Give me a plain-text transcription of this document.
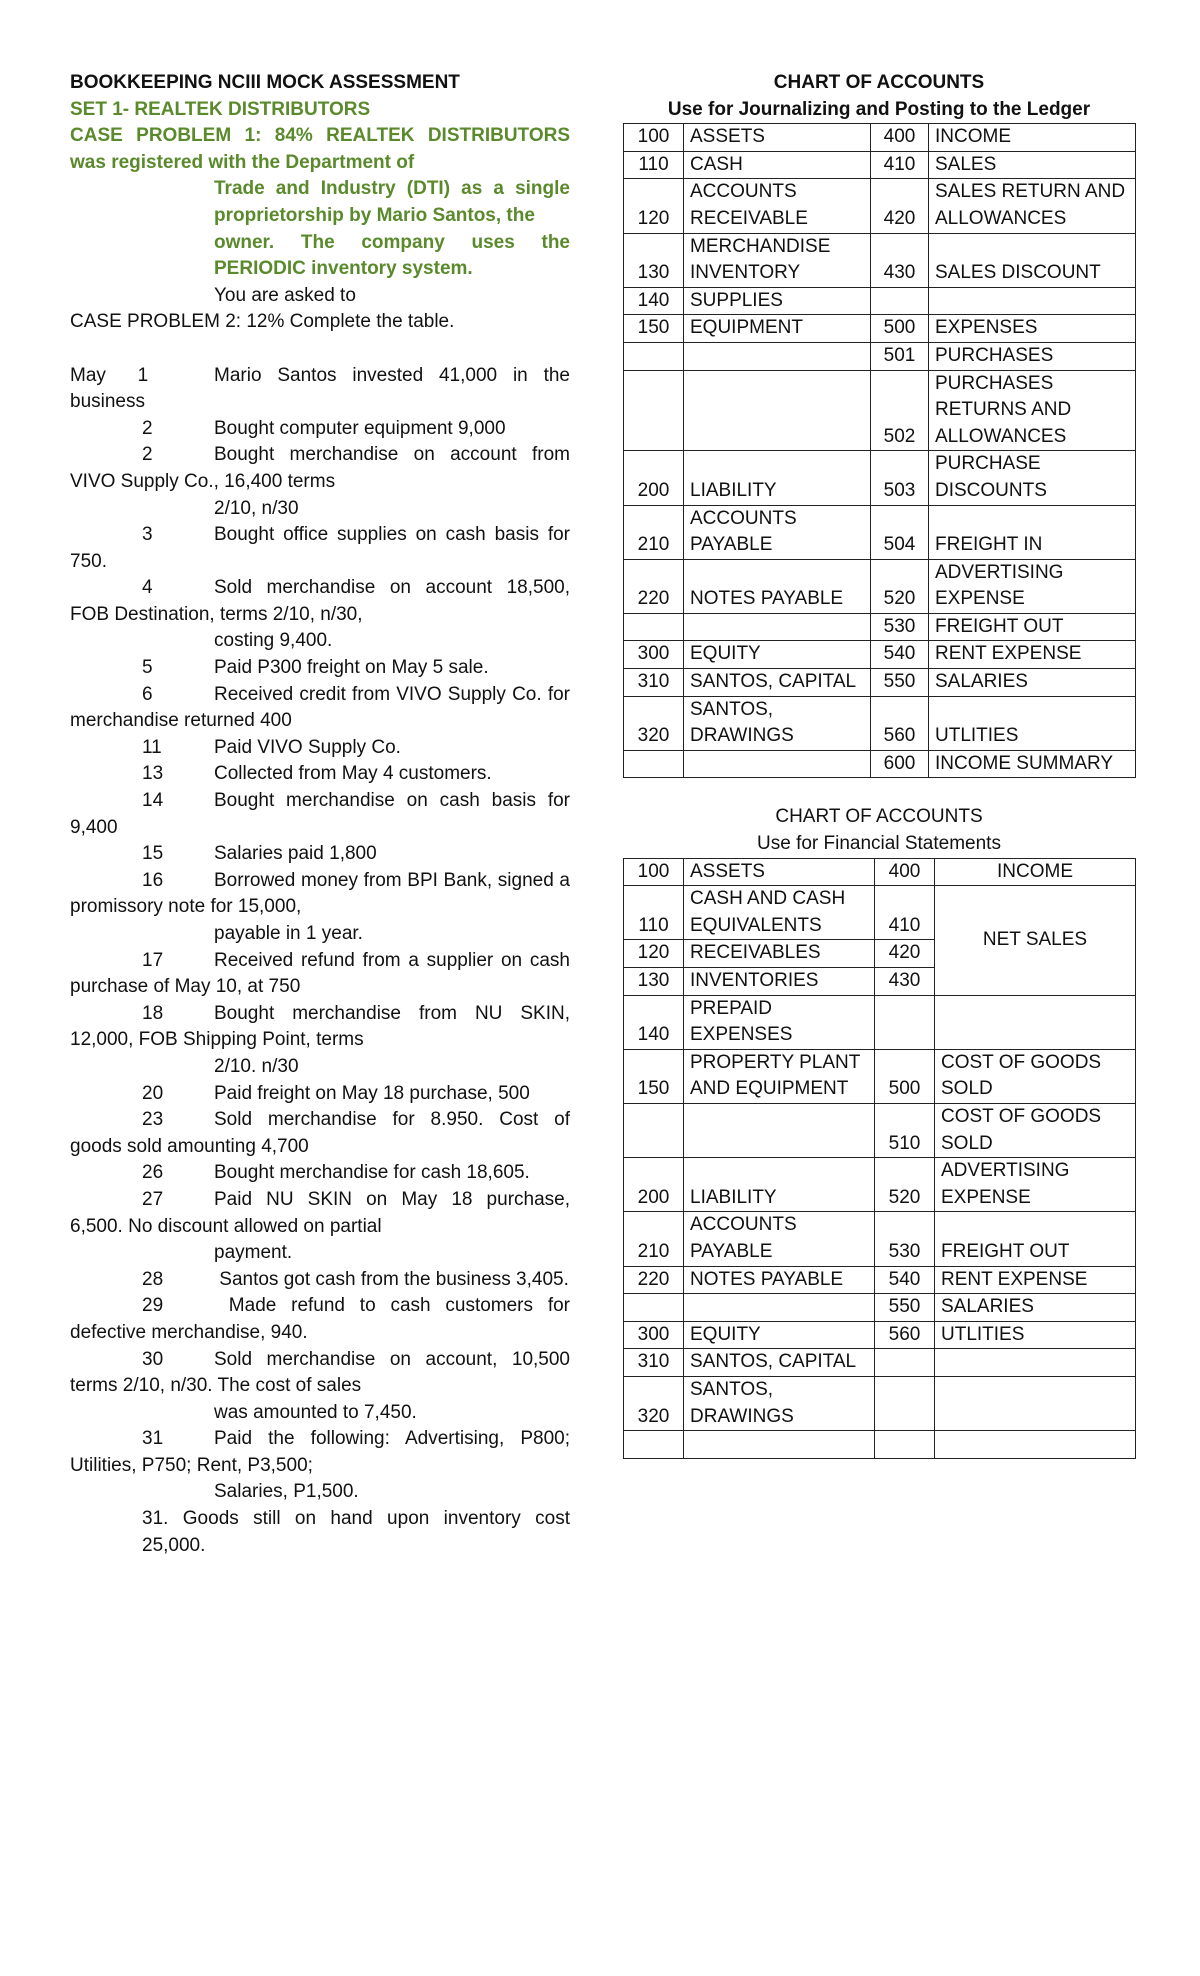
BOOKKEEPING NCIII MOCK ASSESSMENT

SET 1- REALTEK DISTRIBUTORS

CASE PROBLEM 1: 84% REALTEK DISTRIBUTORS was registered with the Department of

Trade and Industry (DTI) as a single proprietorship by Mario Santos, the

owner. The company uses the PERIODIC inventory system.

You are asked to

CASE PROBLEM 2: 12% Complete the table.

May      1	Mario Santos invested 41,000 in the business

2	Bought computer equipment 9,000

2	Bought merchandise on account from VIVO Supply Co., 16,400 terms

2/10, n/30

3	Bought office supplies on cash basis for 750.

4	Sold merchandise on account 18,500, FOB Destination, terms 2/10, n/30,

costing 9,400.

5	Paid P300 freight on May 5 sale.

6	Received credit from VIVO Supply Co. for merchandise returned 400

11	Paid VIVO Supply Co.

13	Collected from May 4 customers.

14	Bought merchandise on cash basis for 9,400

15	Salaries paid 1,800

16	Borrowed money from BPI Bank, signed a promissory note for 15,000,

payable in 1 year.

17	Received refund from a supplier on cash purchase of May 10, at 750

18	Bought merchandise from NU SKIN, 12,000, FOB Shipping Point, terms

2/10. n/30

20	Paid freight on May 18 purchase, 500

23	Sold merchandise for 8.950. Cost of goods sold amounting 4,700

26	Bought merchandise for cash 18,605.

27	Paid NU SKIN on May 18 purchase, 6,500. No discount allowed on partial

payment.

28	Santos got cash from the business 3,405.

29	Made refund to cash customers for defective merchandise, 940.

30	Sold merchandise on account, 10,500 terms 2/10, n/30. The cost of sales

was amounted to 7,450.

31	Paid the following: Advertising, P800; Utilities, P750; Rent, P3,500;

Salaries, P1,500.

31. Goods still on hand upon inventory cost 25,000.

CHART OF ACCOUNTS
Use for Journalizing and Posting to the Ledger
100	ASSETS	400	INCOME
110	CASH	410	SALES
120	ACCOUNTS RECEIVABLE	420	SALES RETURN AND ALLOWANCES
130	MERCHANDISE INVENTORY	430	SALES DISCOUNT
140	SUPPLIES		
150	EQUIPMENT	500	EXPENSES
		501	PURCHASES
		502	PURCHASES RETURNS AND ALLOWANCES
200	LIABILITY	503	PURCHASE DISCOUNTS
210	ACCOUNTS PAYABLE	504	FREIGHT IN
220	NOTES PAYABLE	520	ADVERTISING EXPENSE
		530	FREIGHT OUT
300	EQUITY	540	RENT EXPENSE
310	SANTOS, CAPITAL	550	SALARIES
320	SANTOS, DRAWINGS	560	UTLITIES
		600	INCOME SUMMARY
CHART OF ACCOUNTS
Use for Financial Statements
100	ASSETS	400	INCOME
110	CASH AND CASH EQUIVALENTS	410	NET SALES
120	RECEIVABLES	420	
130	INVENTORIES	430	
140	PREPAID EXPENSES		
150	PROPERTY PLANT AND EQUIPMENT	500	COST OF GOODS SOLD
		510	COST OF GOODS SOLD
200	LIABILITY	520	ADVERTISING EXPENSE
210	ACCOUNTS PAYABLE	530	FREIGHT OUT
220	NOTES PAYABLE	540	RENT EXPENSE
		550	SALARIES
300	EQUITY	560	UTLITIES
310	SANTOS, CAPITAL		
320	SANTOS, DRAWINGS		
